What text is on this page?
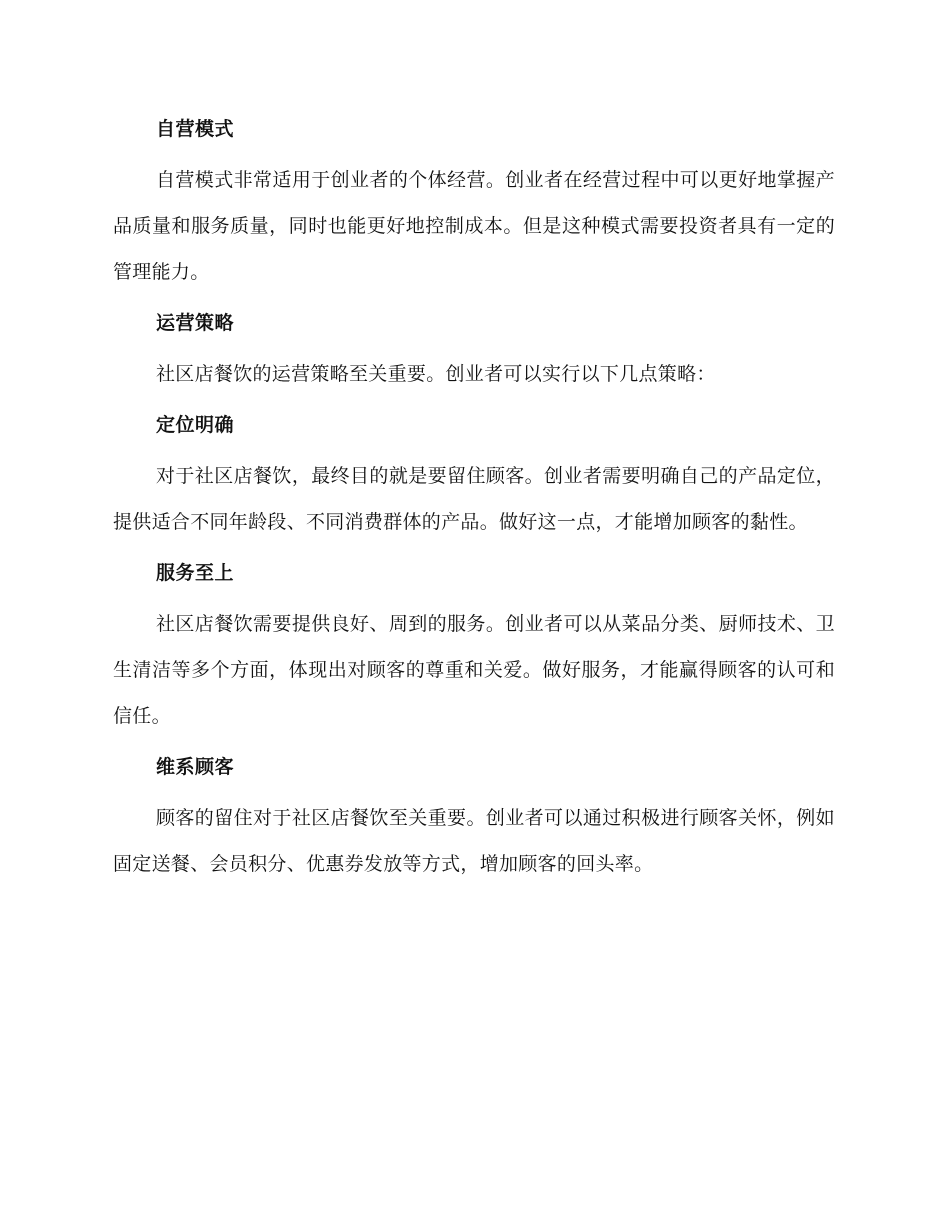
自营模式

自营模式非常适用于创业者的个体经营。创业者在经营过程中可以更好地掌握产品质量和服务质量，同时也能更好地控制成本。但是这种模式需要投资者具有一定的管理能力。

运营策略

社区店餐饮的运营策略至关重要。创业者可以实行以下几点策略：

定位明确

对于社区店餐饮，最终目的就是要留住顾客。创业者需要明确自己的产品定位，提供适合不同年龄段、不同消费群体的产品。做好这一点，才能增加顾客的黏性。

服务至上

社区店餐饮需要提供良好、周到的服务。创业者可以从菜品分类、厨师技术、卫生清洁等多个方面，体现出对顾客的尊重和关爱。做好服务，才能赢得顾客的认可和信任。

维系顾客

顾客的留住对于社区店餐饮至关重要。创业者可以通过积极进行顾客关怀，例如固定送餐、会员积分、优惠券发放等方式，增加顾客的回头率。
